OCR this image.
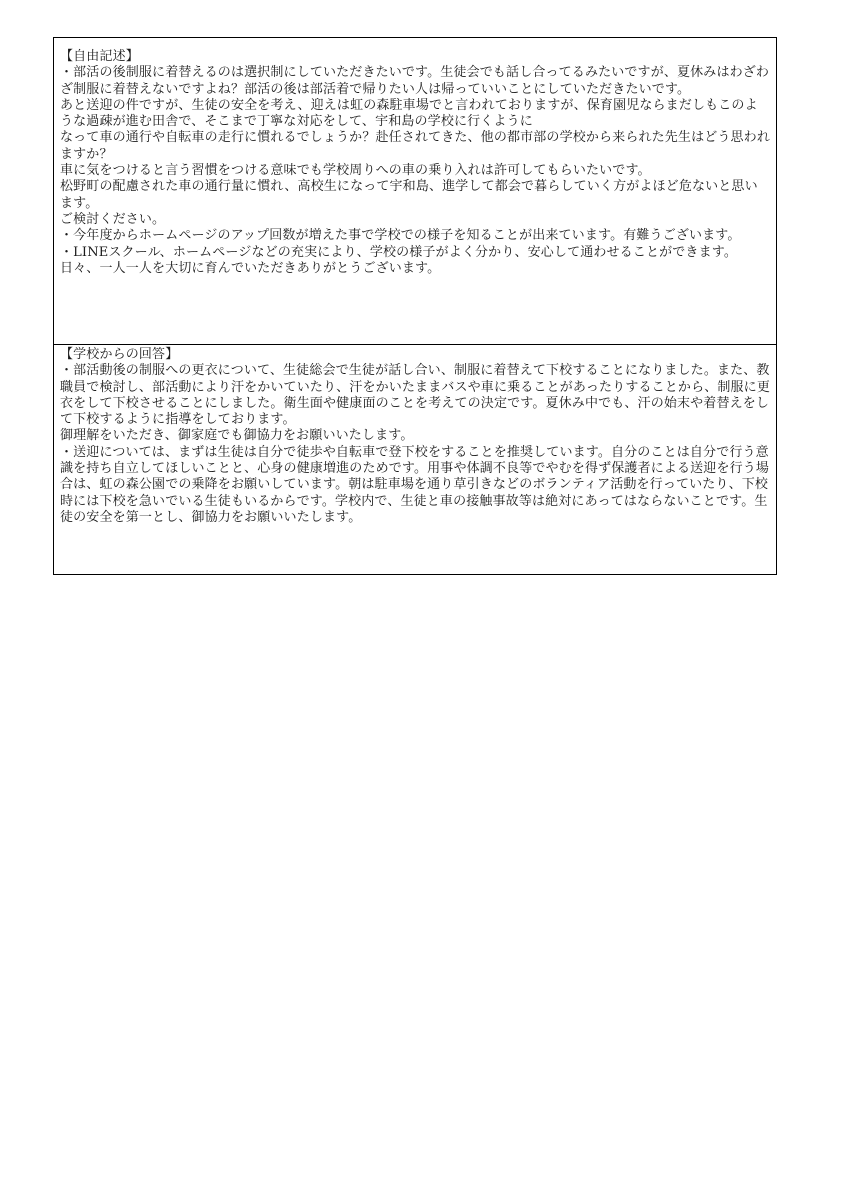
【自由記述】

・部活の後制服に着替えるのは選択制にしていただきたいです。生徒会でも話し合ってるみたいですが、夏休みはわざわざ制服に着替えないですよね？部活の後は部活着で帰りたい人は帰っていいことにしていただきたいです。

あと送迎の件ですが、生徒の安全を考え、迎えは虹の森駐車場でと言われておりますが、保育園児ならまだしもこのような過疎が進む田舎で、そこまで丁寧な対応をして、宇和島の学校に行くように
なって車の通行や自転車の走行に慣れるでしょうか？赴任されてきた、他の都市部の学校から来られた先生はどう思われますか？

車に気をつけると言う習慣をつける意味でも学校周りへの車の乗り入れは許可してもらいたいです。

松野町の配慮された車の通行量に慣れ、高校生になって宇和島、進学して都会で暮らしていく方がよほど危ないと思います。

ご検討ください。

・今年度からホームページのアップ回数が増えた事で学校での様子を知ることが出来ています。有難うございます。

・LINEスクール、ホームページなどの充実により、学校の様子がよく分かり、安心して通わせることができます。日々、一人一人を大切に育んでいただきありがとうございます。

【学校からの回答】

・部活動後の制服への更衣について、生徒総会で生徒が話し合い、制服に着替えて下校することになりました。また、教職員で検討し、部活動により汗をかいていたり、汗をかいたままバスや車に乗ることがあったりすることから、制服に更衣をして下校させることにしました。衛生面や健康面のことを考えての決定です。夏休み中でも、汗の始末や着替えをして下校するように指導をしております。

御理解をいただき、御家庭でも御協力をお願いいたします。

・送迎については、まずは生徒は自分で徒歩や自転車で登下校をすることを推奨しています。自分のことは自分で行う意識を持ち自立してほしいことと、心身の健康増進のためです。用事や体調不良等でやむを得ず保護者による送迎を行う場合は、虹の森公園での乗降をお願いしています。朝は駐車場を通り草引きなどのボランティア活動を行っていたり、下校時には下校を急いでいる生徒もいるからです。学校内で、生徒と車の接触事故等は絶対にあってはならないことです。生徒の安全を第一とし、御協力をお願いいたします。
